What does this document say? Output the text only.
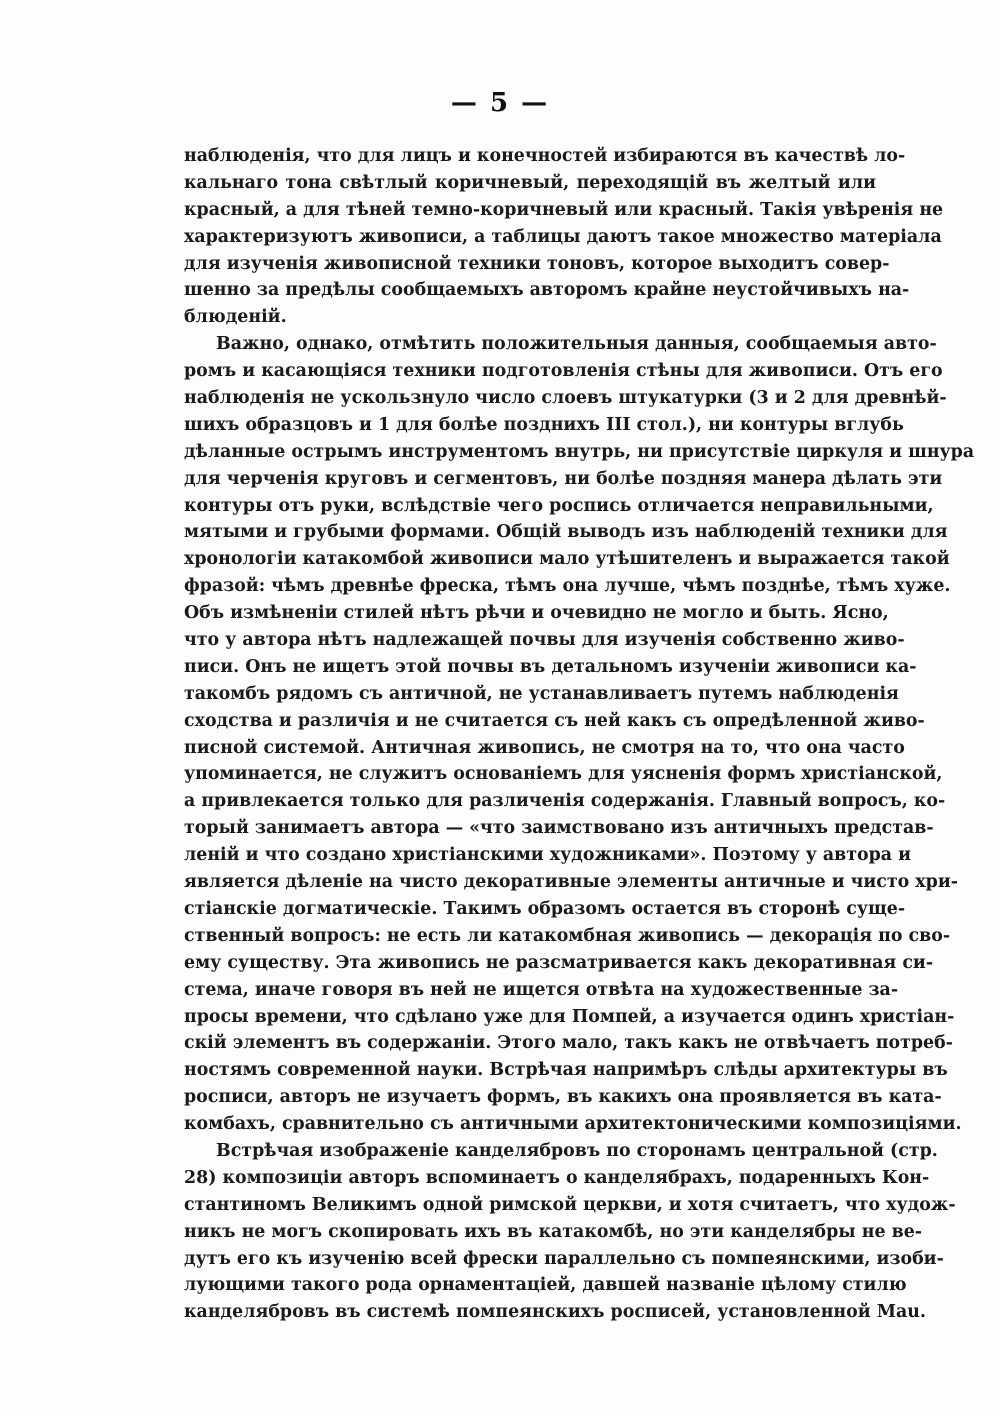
— 5 —
наблюденія, что для лицъ и конечностей избираются въ качествѣ ло-
кальнаго тона свѣтлый коричневый, переходящій въ желтый или
красный, а для тѣней темно-коричневый или красный. Такія увѣренія не
характеризуютъ живописи, а таблицы даютъ такое множество матеріала
для изученія живописной техники тоновъ, которое выходитъ совер-
шенно за предѣлы сообщаемыхъ авторомъ крайне неустойчивыхъ на-
блюденій.
Важно, однако, отмѣтить положительныя данныя, сообщаемыя авто-
ромъ и касающіяся техники подготовленія стѣны для живописи. Отъ его
наблюденія не ускользнуло число слоевъ штукатурки (3 и 2 для древнѣй-
шихъ образцовъ и 1 для болѣе позднихъ III стол.), ни контуры вглубь
дѣланные острымъ инструментомъ внутрь, ни присутствіе циркуля и шнура
для черченія круговъ и сегментовъ, ни болѣе поздняя манера дѣлать эти
контуры отъ руки, вслѣдствіе чего роспись отличается неправильными,
мятыми и грубыми формами. Общій выводъ изъ наблюденій техники для
хронологіи катакомбой живописи мало утѣшителенъ и выражается такой
фразой: чѣмъ древнѣе фреска, тѣмъ она лучше, чѣмъ позднѣе, тѣмъ хуже.
Объ измѣненіи стилей нѣтъ рѣчи и очевидно не могло и быть. Ясно,
что у автора нѣтъ надлежащей почвы для изученія собственно живо-
писи. Онъ не ищетъ этой почвы въ детальномъ изученіи живописи ка-
такомбъ рядомъ съ античной, не устанавливаетъ путемъ наблюденія
сходства и различія и не считается съ ней какъ съ опредѣленной живо-
писной системой. Античная живопись, не смотря на то, что она часто
упоминается, не служитъ основаніемъ для уясненія формъ христіанской,
а привлекается только для различенія содержанія. Главный вопросъ, ко-
торый занимаетъ автора — «что заимствовано изъ античныхъ представ-
леній и что создано христіанскими художниками». Поэтому у автора и
является дѣленіе на чисто декоративные элементы античные и чисто хри-
стіанскіе догматическіе. Такимъ образомъ остается въ сторонѣ суще-
ственный вопросъ: не есть ли катакомбная живопись — декорація по сво-
ему существу. Эта живопись не разсматривается какъ декоративная си-
стема, иначе говоря въ ней не ищется отвѣта на художественные за-
просы времени, что сдѣлано уже для Помпей, а изучается одинъ христіан-
скій элементъ въ содержаніи. Этого мало, такъ какъ не отвѣчаетъ потреб-
ностямъ современной науки. Встрѣчая напримѣръ слѣды архитектуры въ
росписи, авторъ не изучаетъ формъ, въ какихъ она проявляется въ ката-
комбахъ, сравнительно съ античными архитектоническими композиціями.
Встрѣчая изображеніе канделябровъ по сторонамъ центральной (стр.
28) композиціи авторъ вспоминаетъ о канделябрахъ, подаренныхъ Кон-
стантиномъ Великимъ одной римской церкви, и хотя считаетъ, что худож-
никъ не могъ скопировать ихъ въ катакомбѣ, но эти канделябры не ве-
дутъ его къ изученію всей фрески параллельно съ помпеянскими, изоби-
лующими такого рода орнаментаціей, давшей названіе цѣлому стилю
канделябровъ въ системѣ помпеянскихъ росписей, установленной Mau.
